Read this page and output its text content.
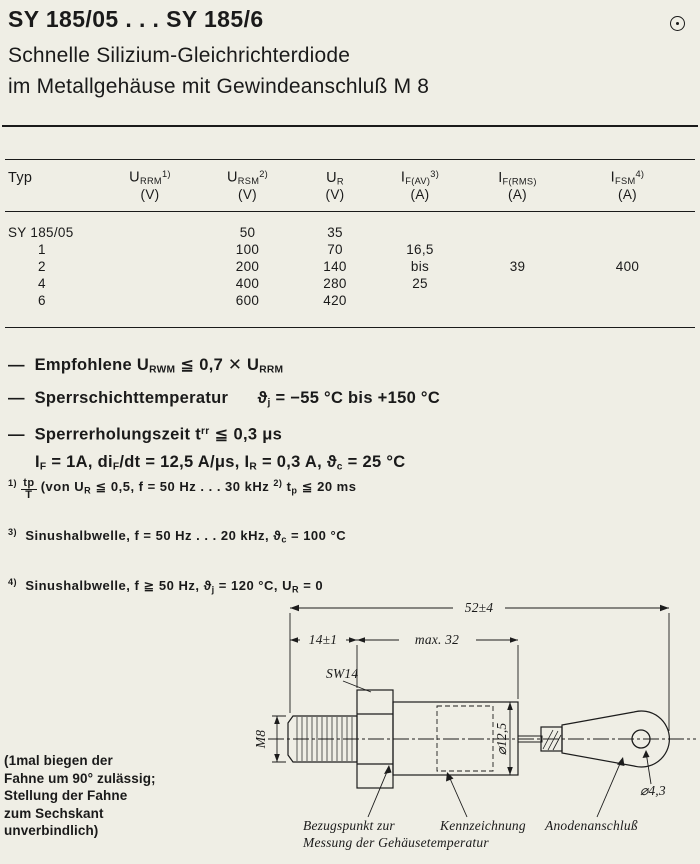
SY 185/05 . . . SY 185/6
Schnelle Silizium-Gleichrichterdiode
im Metallgehäuse mit Gewindeanschluß M 8
Typ	$U_{RRM}^{1)}$	$U_{RSM}^{2)}$	$U_R$	$I_{F(AV)}^{3)}$	$I_{F(RMS)}$	$I_{FSM}^{4)}$
	(V)	(V)	(V)	(A)	(A)	(A)
SY 185/05		50	35			
1		100	70	16,5		
2		200	140	bis	39	400
4		400	280	25		
6		600	420			
—  Empfohlene $U_{RWM}$ ≦ 0,7 ✕ $U_{RRM}$
—  Sperrschichttemperatur      $ϑ_j = -55$ °C bis +150 °C
—  Sperrerholungszeit $t^{rr}$ ≦ 0,3 μs
$I_F = 1A$, $di_F/dt = 12,5$ A/μs, $I_R = 0,3$ A, $ϑ_c = 25$ °C
$^{1)} \frac{tp}{T} (von$ $U_R$ ≦ 0,5, f = 50 Hz . . . 30 kHz $^{2)}$ $t_p$ ≦ 20 ms
$^{3)}$  Sinushalbwelle, f = 50 Hz . . . 20 kHz, $ϑ_c = 100$ °C
$^{4)}$  Sinushalbwelle, f ≧ 50 Hz, $ϑ_j = 120$ °C, $U_R = 0$
52±4
14±1	max. 32
SW14
M8	⌀12,5
⌀4,3
Bezugspunkt zur
Messung der Gehäusetemperatur
Kennzeichnung Anodenanschluß
(1mal biegen der
Fahne um 90° zulässig;
Stellung der Fahne
zum Sechskant
unverbindlich)
